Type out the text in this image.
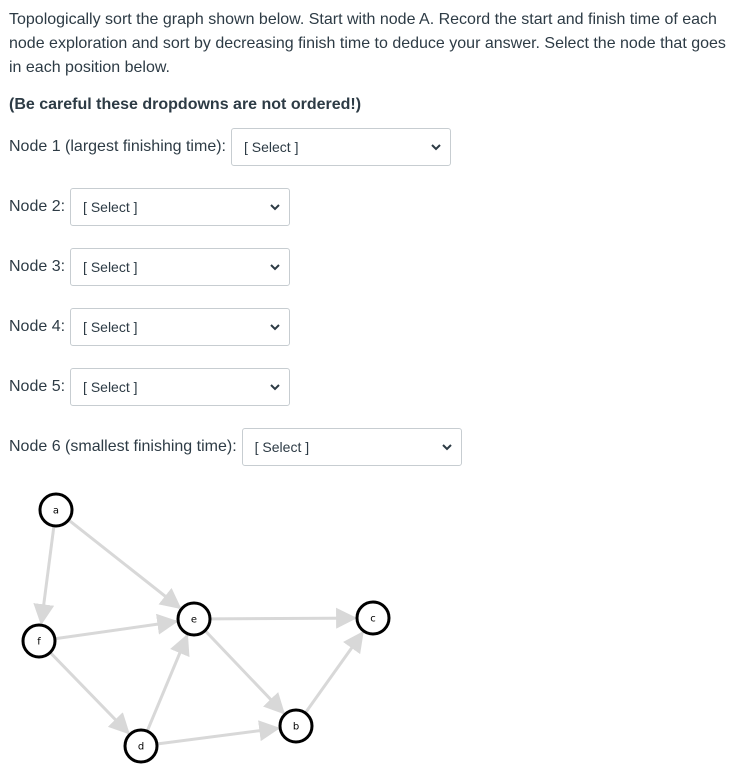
Topologically sort the graph shown below. Start with node A. Record the start and finish time of each node exploration and sort by decreasing finish time to deduce your answer. Select the node that goes in each position below.

(Be careful these dropdowns are not ordered!)

Node 1 (largest finishing time): [ Select ]
Node 2: [ Select ]
Node 3: [ Select ]
Node 4: [ Select ]
Node 5: [ Select ]
Node 6 (smallest finishing time): [ Select ]
a
e	c
f
b
d
